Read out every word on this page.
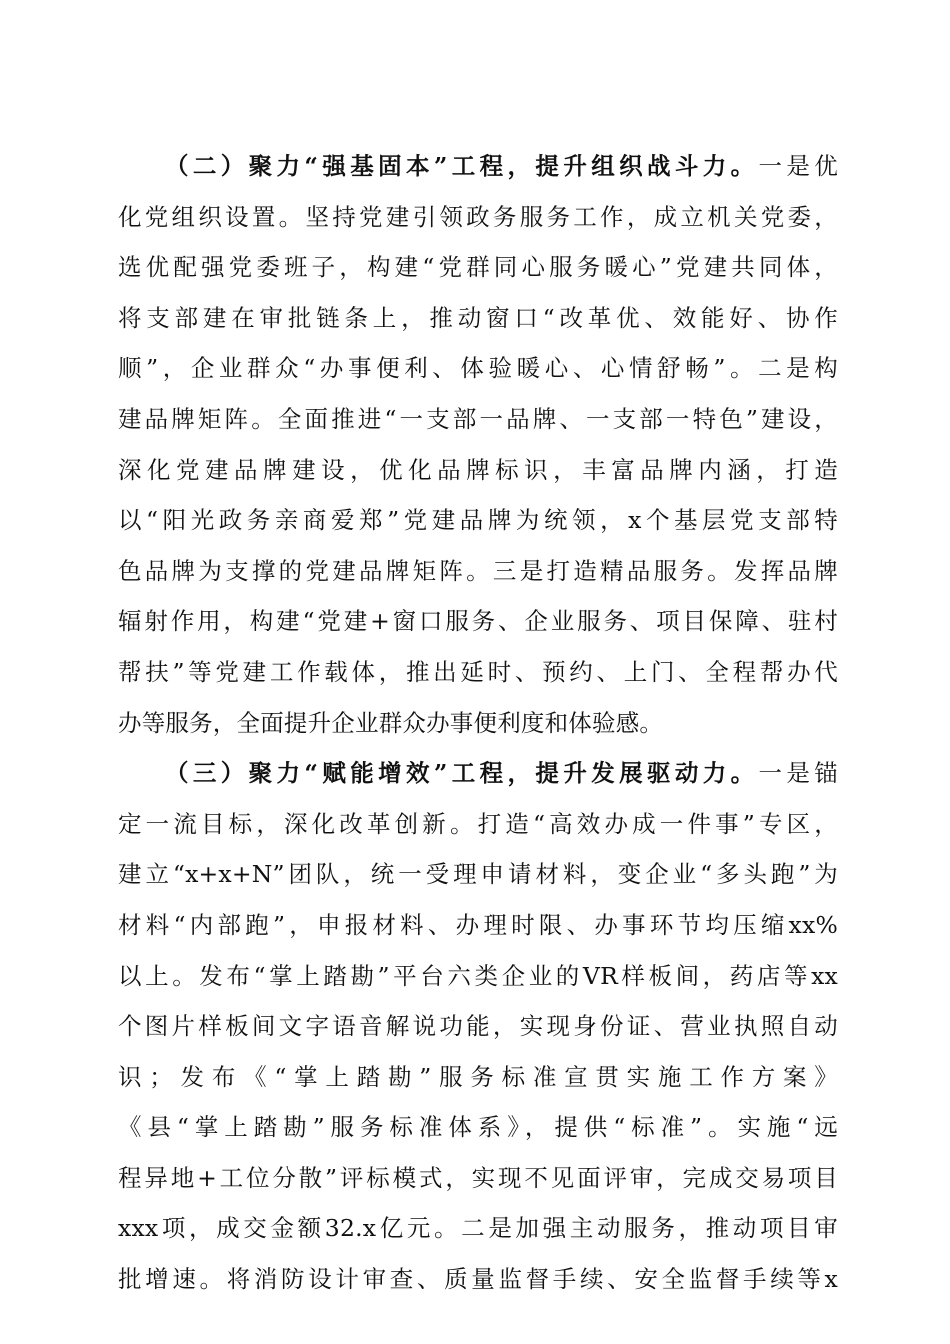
（二）聚力“强基固本”工程，提升组织战斗力。一是优
化党组织设置。坚持党建引领政务服务工作，成立机关党委，
选优配强党委班子，构建“党群同心服务暖心”党建共同体，
将支部建在审批链条上，推动窗口“改革优、效能好、协作
顺”，企业群众“办事便利、体验暖心、心情舒畅”。二是构
建品牌矩阵。全面推进“一支部一品牌、一支部一特色”建设，
深化党建品牌建设，优化品牌标识，丰富品牌内涵，打造
以“阳光政务亲商爱郑”党建品牌为统领，x个基层党支部特
色品牌为支撑的党建品牌矩阵。三是打造精品服务。发挥品牌
辐射作用，构建“党建+窗口服务、企业服务、项目保障、驻村
帮扶”等党建工作载体，推出延时、预约、上门、全程帮办代
办等服务，全面提升企业群众办事便利度和体验感。
（三）聚力“赋能增效”工程，提升发展驱动力。一是锚
定一流目标，深化改革创新。打造“高效办成一件事”专区，
建立“x+x+N”团队，统一受理申请材料，变企业“多头跑”为
材料“内部跑”，申报材料、办理时限、办事环节均压缩xx%
以上。发布“掌上踏勘”平台六类企业的VR样板间，药店等xx
个图片样板间文字语音解说功能，实现身份证、营业执照自动
识；发布《“掌上踏勘”服务标准宣贯实施工作方案》
《县“掌上踏勘”服务标准体系》，提供“标准”。实施“远
程异地+工位分散”评标模式，实现不见面评审，完成交易项目
xxx项，成交金额32.x亿元。二是加强主动服务，推动项目审
批增速。将消防设计审查、质量监督手续、安全监督手续等x
